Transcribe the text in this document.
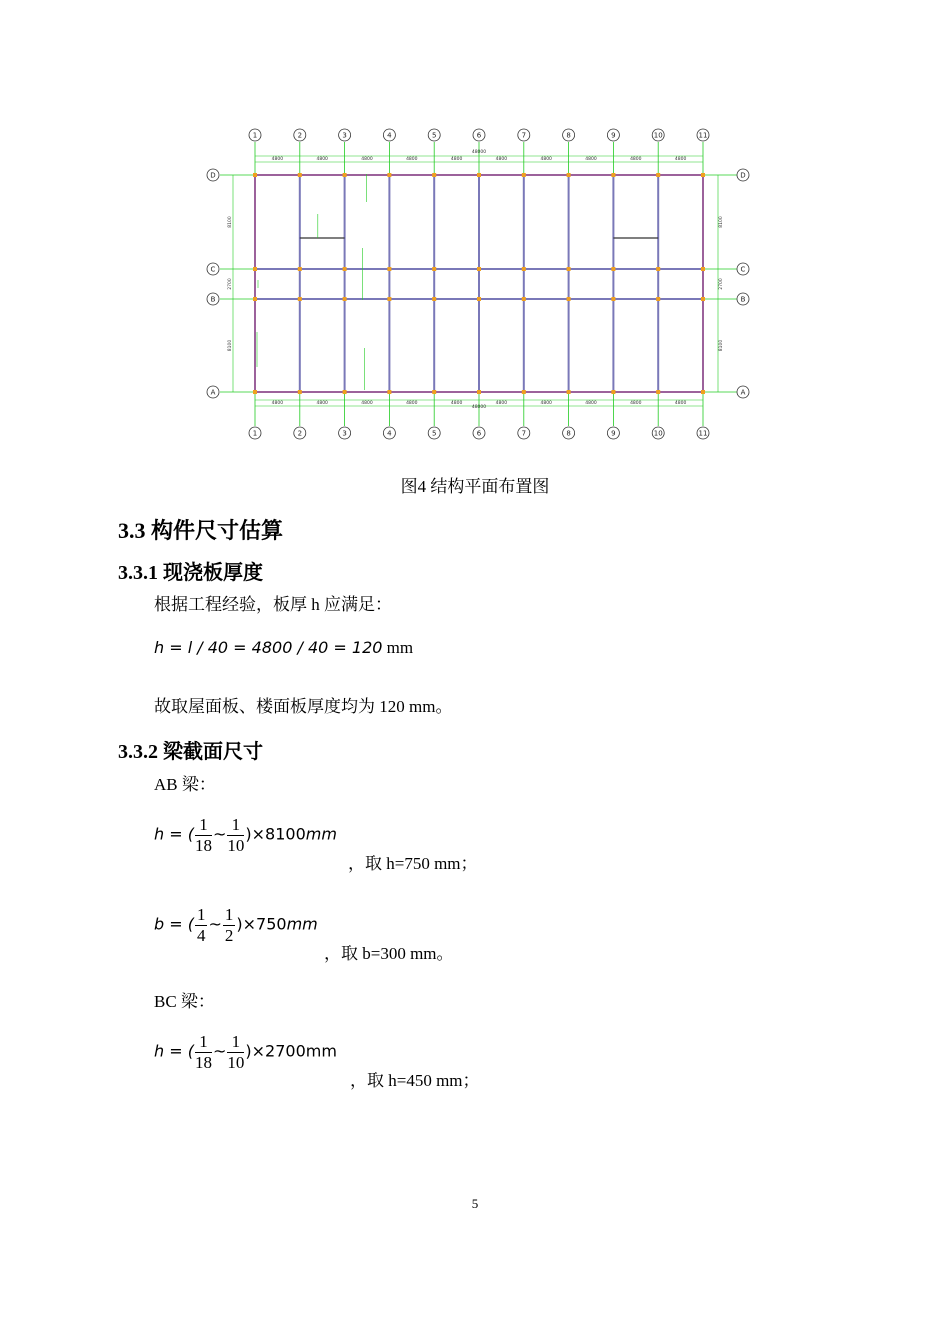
1
1
2
2
3
3
4
4
5
5
6
6
7
7
8
8
9
9
10
10
11
11
A	A
B	B
C	C
D	D
4800
4800
4800
4800
4800
4800
4800
4800
4800
4800
4800
4800
4800
4800
4800
4800
4800
4800
4800
4800
48000
48000
8100	8100
2700	2700
8100	8100
图4 结构平面布置图
3.3 构件尺寸估算
3.3.1 现浇板厚度
根据工程经验，板厚 h 应满足：
h = l / 40 = 4800 / 40 = 120 mm
故取屋面板、楼面板厚度均为 120 mm。
3.3.2 梁截面尺寸
AB 梁：
h = ( $\frac{1}{18}$ ~ $\frac{1}{10} )\times 8100mm$
，取 h=750 mm；
b = ( $\frac{1}{4}$ ~ $\frac{1}{2} )\times 750mm$
，取 b=300 mm。
BC 梁：
h = ( $\frac{1}{18}$ ~ $\frac{1}{10} )\times 2700mm$
，取 h=450 mm；
5
